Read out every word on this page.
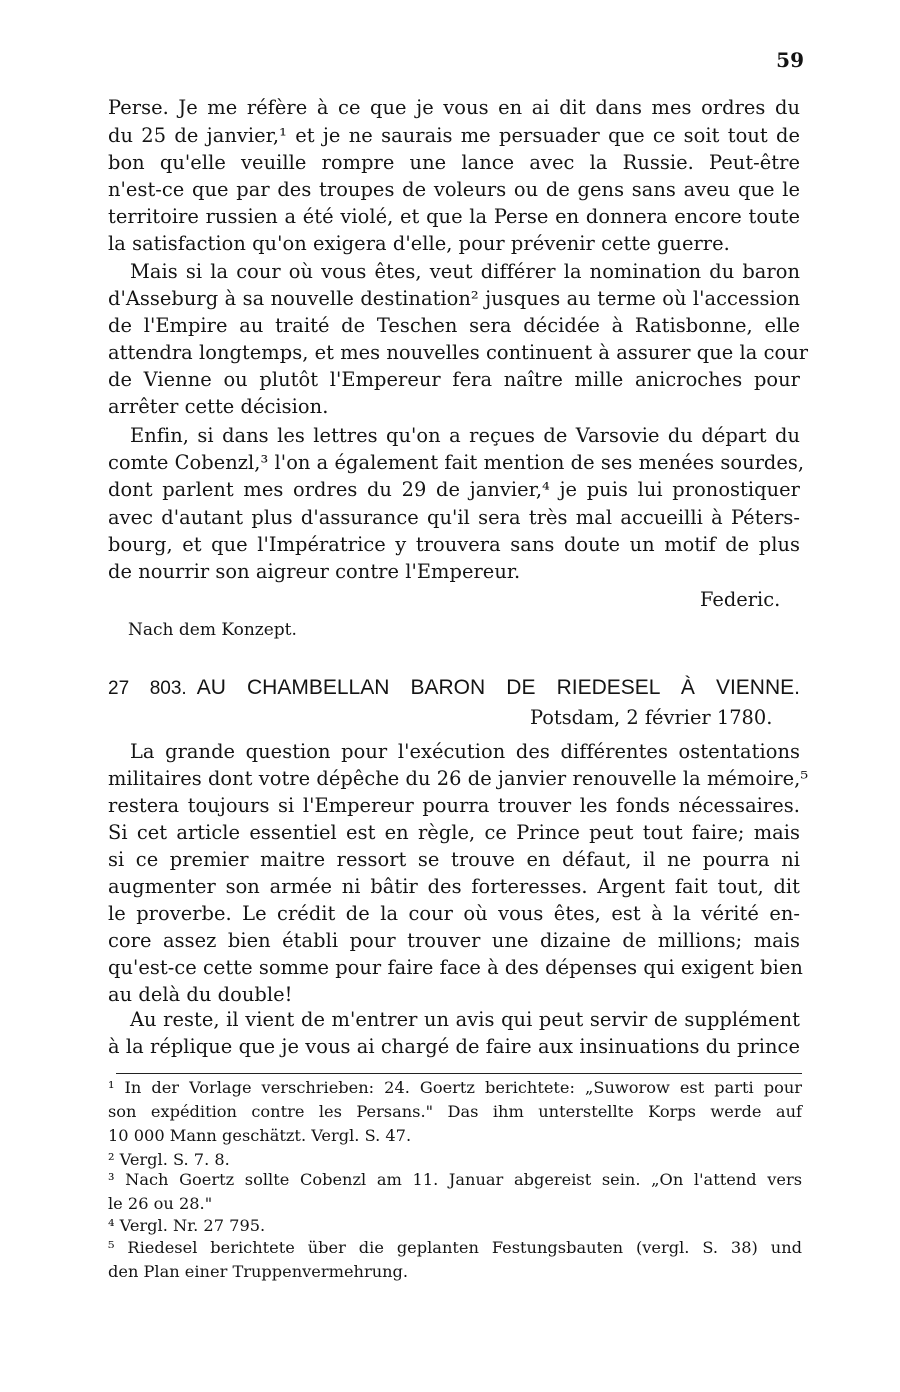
59
Perse. Je me réfère à ce que je vous en ai dit dans mes ordres du
du 25 de janvier,¹ et je ne saurais me persuader que ce soit tout de
bon qu'elle veuille rompre une lance avec la Russie. Peut-être
n'est-ce que par des troupes de voleurs ou de gens sans aveu que le
territoire russien a été violé, et que la Perse en donnera encore toute
la satisfaction qu'on exigera d'elle, pour prévenir cette guerre.
Mais si la cour où vous êtes, veut différer la nomination du baron
d'Asseburg à sa nouvelle destination² jusques au terme où l'accession
de l'Empire au traité de Teschen sera décidée à Ratisbonne, elle
attendra longtemps, et mes nouvelles continuent à assurer que la cour
de Vienne ou plutôt l'Empereur fera naître mille anicroches pour
arrêter cette décision.
Enfin, si dans les lettres qu'on a reçues de Varsovie du départ du
comte Cobenzl,³ l'on a également fait mention de ses menées sourdes,
dont parlent mes ordres du 29 de janvier,⁴ je puis lui pronostiquer
avec d'autant plus d'assurance qu'il sera très mal accueilli à Péters-
bourg, et que l'Impératrice y trouvera sans doute un motif de plus
de nourrir son aigreur contre l'Empereur.
Federic.
Nach dem Konzept.
27 803. AU CHAMBELLAN BARON DE RIEDESEL À VIENNE.
Potsdam, 2 février 1780.
La grande question pour l'exécution des différentes ostentations
militaires dont votre dépêche du 26 de janvier renouvelle la mémoire,⁵
restera toujours si l'Empereur pourra trouver les fonds nécessaires.
Si cet article essentiel est en règle, ce Prince peut tout faire; mais
si ce premier maitre ressort se trouve en défaut, il ne pourra ni
augmenter son armée ni bâtir des forteresses. Argent fait tout, dit
le proverbe. Le crédit de la cour où vous êtes, est à la vérité en-
core assez bien établi pour trouver une dizaine de millions; mais
qu'est-ce cette somme pour faire face à des dépenses qui exigent bien
au delà du double!
Au reste, il vient de m'entrer un avis qui peut servir de supplément
à la réplique que je vous ai chargé de faire aux insinuations du prince
¹ In der Vorlage verschrieben: 24. Goertz berichtete: „Suworow est parti pour
son expédition contre les Persans." Das ihm unterstellte Korps werde auf
10 000 Mann geschätzt. Vergl. S. 47.
² Vergl. S. 7. 8.
³ Nach Goertz sollte Cobenzl am 11. Januar abgereist sein. „On l'attend vers
le 26 ou 28."
⁴ Vergl. Nr. 27 795.
⁵ Riedesel berichtete über die geplanten Festungsbauten (vergl. S. 38) und
den Plan einer Truppenvermehrung.
